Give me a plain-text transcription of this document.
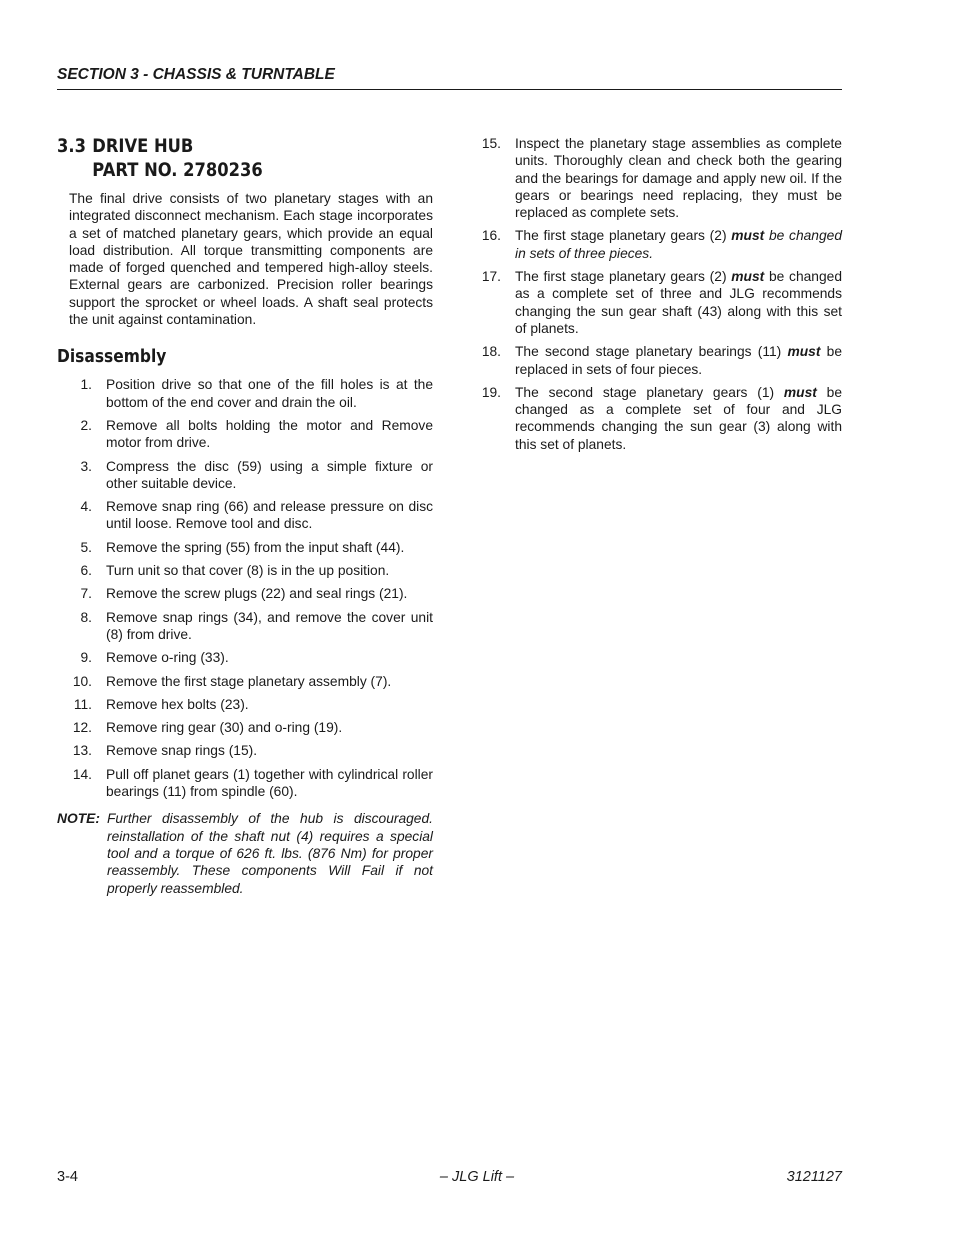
SECTION 3 - CHASSIS & TURNTABLE
3.3 DRIVE HUB
PART NO. 2780236
The final drive consists of two planetary stages with an integrated disconnect mechanism. Each stage incorporates a set of matched planetary gears, which provide an equal load distribution. All torque transmitting components are made of forged quenched and tempered high-alloy steels. External gears are carbonized. Precision roller bearings support the sprocket or wheel loads. A shaft seal protects the unit against contamination.
Disassembly
1.	Position drive so that one of the fill holes is at the bottom of the end cover and drain the oil.
2.	Remove all bolts holding the motor and Remove motor from drive.
3.	Compress the disc (59) using a simple fixture or other suitable device.
4.	Remove snap ring (66) and release pressure on disc until loose. Remove tool and disc.
5.	Remove the spring (55) from the input shaft (44).
6.	Turn unit so that cover (8) is in the up position.
7.	Remove the screw plugs (22) and seal rings (21).
8.	Remove snap rings (34), and remove the cover unit (8) from drive.
9.	Remove o-ring (33).
10.	Remove the first stage planetary assembly (7).
11.	Remove hex bolts (23).
12.	Remove ring gear (30) and o-ring (19).
13.	Remove snap rings (15).
14.	Pull off planet gears (1) together with cylindrical roller bearings (11) from spindle (60).
NOTE: Further disassembly of the hub is discouraged. reinstallation of the shaft nut (4) requires a special tool and a torque of 626 ft. lbs. (876 Nm) for proper reassembly. These components Will Fail if not properly reassembled.
15.	Inspect the planetary stage assemblies as complete units. Thoroughly clean and check both the gearing and the bearings for damage and apply new oil. If the gears or bearings need replacing, they must be replaced as complete sets.
16.	The first stage planetary gears (2) must be changed in sets of three pieces.
17.	The first stage planetary gears (2) must be changed as a complete set of three and JLG recommends changing the sun gear shaft (43) along with this set of planets.
18.	The second stage planetary bearings (11) must be replaced in sets of four pieces.
19.	The second stage planetary gears (1) must be changed as a complete set of four and JLG recommends changing the sun gear (3) along with this set of planets.
– JLG Lift –
3-4	3121127
